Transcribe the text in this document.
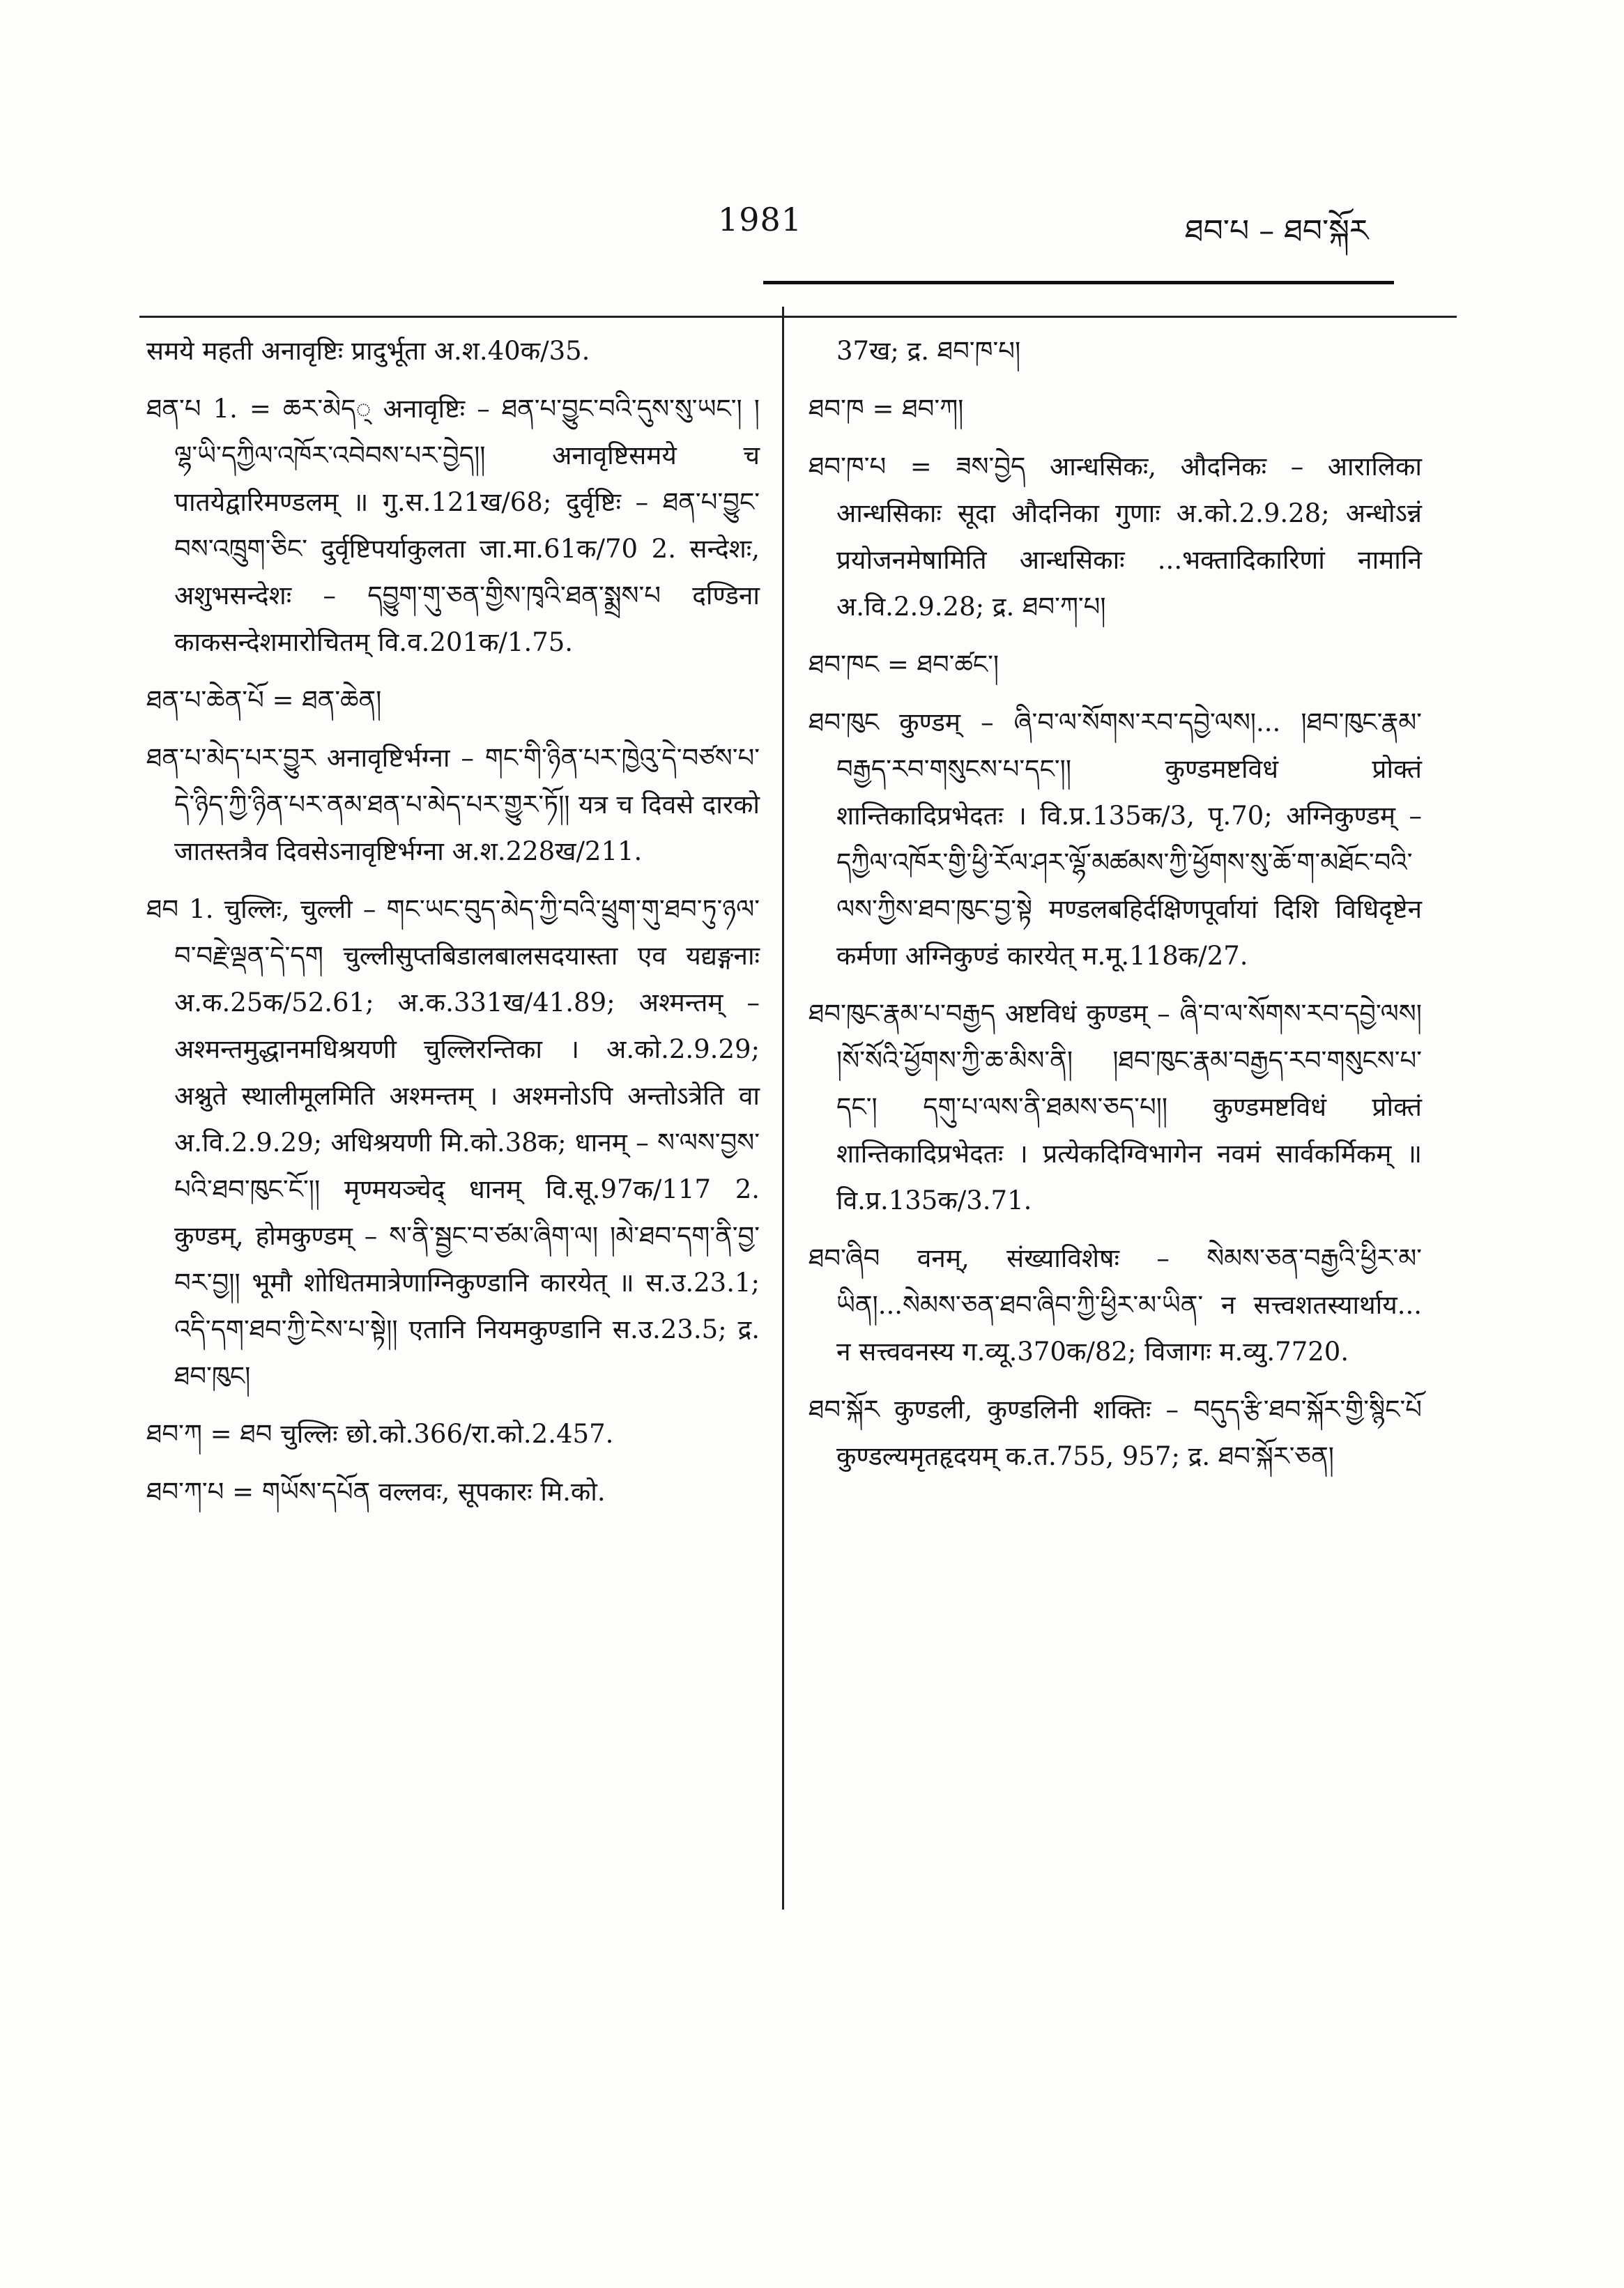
1981	ཐབ་པ – ཐབ་སྐོར

समये महती अनावृष्टिः प्रादुर्भूता अ.श.40क/35.

ཐན་པ 1. = ཆར་མེད् अनावृष्टिः – ཐན་པ་བྱུང་བའི་དུས་སུ་ཡང་། ། ལྷ་ཡི་དཀྱིལ་འཁོར་འབེབས་པར་བྱེད།། अनावृष्टिसमये च पातयेद्वारिमण्डलम् ॥ गु.स.121ख/68; दुर्वृष्टिः – ཐན་པ་བྱུང་བས་འཁྲུག་ཅིང་ दुर्वृष्टिपर्याकुलता जा.मा.61क/70 2. सन्देशः, अशुभसन्देशः – དབྱུག་གུ་ཅན་གྱིས་ཁྭའི་ཐན་སྨྲས་པ दण्डिना काकसन्देशमारोचितम् वि.व.201क/1.75.

ཐན་པ་ཆེན་པོ = ཐན་ཆེན།

ཐན་པ་མེད་པར་བྱུར अनावृष्टिर्भग्ना – གང་གི་ཉིན་པར་ཁྱེའུ་དེ་བཙས་པ་དེ་ཉིད་ཀྱི་ཉིན་པར་ནམ་ཐན་པ་མེད་པར་གྱུར་ཏོ།། यत्र च दिवसे दारको जातस्तत्रैव दिवसेऽनावृष्टिर्भग्ना अ.श.228ख/211.

ཐབ 1. चुल्लिः, चुल्ली – གང་ཡང་བུད་མེད་ཀྱི་བའི་ཕྲུག་གུ་ཐབ་ཏུ་ཉལ་བ་བརྗེ་ལྡན་དེ་དག चुल्लीसुप्तबिडालबालसदयास्ता एव यद्यङ्गनाः अ.क.25क/52.61; अ.क.331ख/41.89; अश्मन्तम् – अश्मन्तमुद्धानमधिश्रयणी चुल्लिरन्तिका । अ.को.2.9.29; अश्नुते स्थालीमूलमिति अश्मन्तम् । अश्मनोऽपि अन्तोऽत्रेति वा अ.वि.2.9.29; अधिश्रयणी मि.को.38क; धानम् – ས་ལས་བྱས་པའི་ཐབ་ཁུང་ངོ་།། मृण्मयञ्चेद् धानम् वि.सू.97क/117 2. कुण्डम्, होमकुण्डम् – ས་ནི་སྦྱང་བ་ཙམ་ཞིག་ལ། །མེ་ཐབ་དག་ནི་བྱ་བར་བྱ།། भूमौ शोधितमात्रेणाग्निकुण्डानि कारयेत् ॥ स.उ.23.1; འདི་དག་ཐབ་ཀྱི་ངེས་པ་སྟེ།། एतानि नियमकुण्डानि स.उ.23.5; द्र. ཐབ་ཁུང།

ཐབ་ཀ = ཐབ चुल्लिः छो.को.366/रा.को.2.457.

ཐབ་ཀ་པ = གཡོས་དཔོན वल्लवः, सूपकारः मि.को.

37ख; द्र. ཐབ་ཁ་པ།

ཐབ་ཁ = ཐབ་ཀ།

ཐབ་ཁ་པ = ཟས་བྱེད आन्धसिकः, औदनिकः – आरालिका आन्धसिकाः सूदा औदनिका गुणाः अ.को.2.9.28; अन्धोऽन्नं प्रयोजनमेषामिति आन्धसिकाः ...भक्तादिकारिणां नामानि अ.वि.2.9.28; द्र. ཐབ་ཀ་པ།

ཐབ་ཁང = ཐབ་ཚང་།

ཐབ་ཁུང कुण्डम् – ཞི་བ་ལ་སོགས་རབ་དབྱེ་ལས།... །ཐབ་ཁུང་རྣམ་བརྒྱད་རབ་གསུངས་པ་དང་།། कुण्डमष्टविधं प्रोक्तं शान्तिकादिप्रभेदतः । वि.प्र.135क/3, पृ.70; अग्निकुण्डम् – དཀྱིལ་འཁོར་གྱི་ཕྱི་རོལ་ཤར་ལྷོ་མཚམས་ཀྱི་ཕྱོགས་སུ་ཆོ་ག་མཐོང་བའི་ལས་ཀྱིས་ཐབ་ཁུང་བྱ་སྟེ मण्डलबहिर्दक्षिणपूर्वायां दिशि विधिदृष्टेन कर्मणा अग्निकुण्डं कारयेत् म.मू.118क/27.

ཐབ་ཁུང་རྣམ་པ་བརྒྱད अष्टविधं कुण्डम् – ཞི་བ་ལ་སོགས་རབ་དབྱེ་ལས། །སོ་སོའི་ཕྱོགས་ཀྱི་ཆ་མིས་ནི། །ཐབ་ཁུང་རྣམ་བརྒྱད་རབ་གསུངས་པ་དང་། དགུ་པ་ལས་ནི་ཐམས་ཅད་པ།། कुण्डमष्टविधं प्रोक्तं शान्तिकादिप्रभेदतः । प्रत्येकदिग्विभागेन नवमं सार्वकर्मिकम् ॥ वि.प्र.135क/3.71.

ཐབ་ཞིབ वनम्, संख्याविशेषः – སེམས་ཅན་བརྒྱའི་ཕྱིར་མ་ཡིན།...སེམས་ཅན་ཐབ་ཞིབ་ཀྱི་ཕྱིར་མ་ཡིན་ न सत्त्वशतस्यार्थाय... न सत्त्ववनस्य ग.व्यू.370क/82; विजागः म.व्यु.7720.

ཐབ་སྐོར कुण्डली, कुण्डलिनी शक्तिः – བདུད་རྩི་ཐབ་སྐོར་གྱི་སྙིང་པོ कुण्डल्यमृतहृदयम् क.त.755, 957; द्र. ཐབ་སྐོར་ཅན།
